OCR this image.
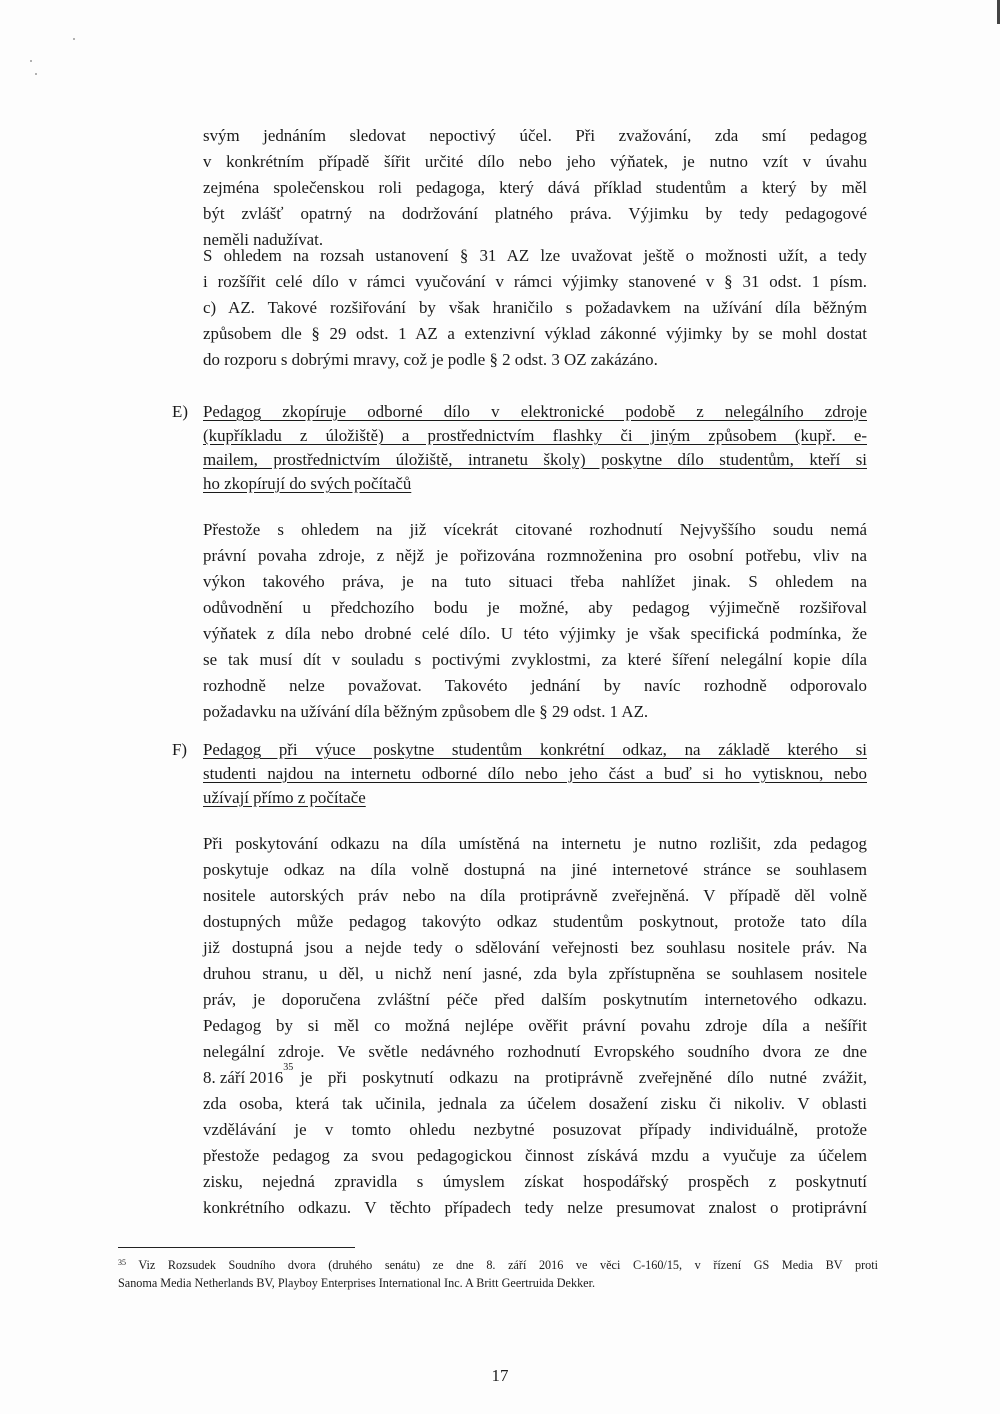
svým jednáním sledovat nepoctivý účel. Při zvažování, zda smí pedagog
v konkrétním případě šířit určité dílo nebo jeho výňatek, je nutno vzít v úvahu
zejména společenskou roli pedagoga, který dává příklad studentům a který by měl
být zvlášť opatrný na dodržování platného práva. Výjimku by tedy pedagogové
neměli nadužívat.
S ohledem na rozsah ustanovení § 31 AZ lze uvažovat ještě o možnosti užít, a tedy
i rozšířit celé dílo v rámci vyučování v rámci výjimky stanovené v § 31 odst. 1 písm.
c) AZ. Takové rozšiřování by však hraničilo s požadavkem na užívání díla běžným
způsobem dle § 29 odst. 1 AZ a extenzivní výklad zákonné výjimky by se mohl dostat
do rozporu s dobrými mravy, což je podle § 2 odst. 3 OZ zakázáno.
E) Pedagog zkopíruje odborné dílo v elektronické podobě z nelegálního zdroje
(kupříkladu z úložiště) a prostřednictvím flashky či jiným způsobem (kupř. e-
mailem, prostřednictvím úložiště, intranetu školy) poskytne dílo studentům, kteří si
ho zkopírují do svých počítačů
Přestože s ohledem na již vícekrát citované rozhodnutí Nejvyššího soudu nemá
právní povaha zdroje, z nějž je pořizována rozmnoženina pro osobní potřebu, vliv na
výkon takového práva, je na tuto situaci třeba nahlížet jinak. S ohledem na
odůvodnění u předchozího bodu je možné, aby pedagog výjimečně rozšiřoval
výňatek z díla nebo drobné celé dílo. U této výjimky je však specifická podmínka, že
se tak musí dít v souladu s poctivými zvyklostmi, za které šíření nelegální kopie díla
rozhodně nelze považovat. Takovéto jednání by navíc rozhodně odporovalo
požadavku na užívání díla běžným způsobem dle § 29 odst. 1 AZ.
F) Pedagog při výuce poskytne studentům konkrétní odkaz, na základě kterého si
studenti najdou na internetu odborné dílo nebo jeho část a buď si ho vytisknou, nebo
užívají přímo z počítače
Při poskytování odkazu na díla umístěná na internetu je nutno rozlišit, zda pedagog
poskytuje odkaz na díla volně dostupná na jiné internetové stránce se souhlasem
nositele autorských práv nebo na díla protiprávně zveřejněná. V případě děl volně
dostupných může pedagog takovýto odkaz studentům poskytnout, protože tato díla
již dostupná jsou a nejde tedy o sdělování veřejnosti bez souhlasu nositele práv. Na
druhou stranu, u děl, u nichž není jasné, zda byla zpřístupněna se souhlasem nositele
práv, je doporučena zvláštní péče před dalším poskytnutím internetového odkazu.
Pedagog by si měl co možná nejlépe ověřit právní povahu zdroje díla a nešířit
nelegální zdroje. Ve světle nedávného rozhodnutí Evropského soudního dvora ze dne
8. září 2016
35
je při poskytnutí odkazu na protiprávně zveřejněné dílo nutné zvážit,
zda osoba, která tak učinila, jednala za účelem dosažení zisku či nikoliv. V oblasti
vzdělávání je v tomto ohledu nezbytné posuzovat případy individuálně, protože
přestože pedagog za svou pedagogickou činnost získává mzdu a vyučuje za účelem
zisku, nejedná zpravidla s úmyslem získat hospodářský prospěch z poskytnutí
konkrétního odkazu. V těchto případech tedy nelze presumovat znalost o protiprávní
$^{35}$ Viz Rozsudek Soudního dvora (druhého senátu) ze dne 8. září 2016 ve věci C-160/15, v řízení GS Media BV proti
Sanoma Media Netherlands BV, Playboy Enterprises International Inc. A Britt Geertruida Dekker.
17
